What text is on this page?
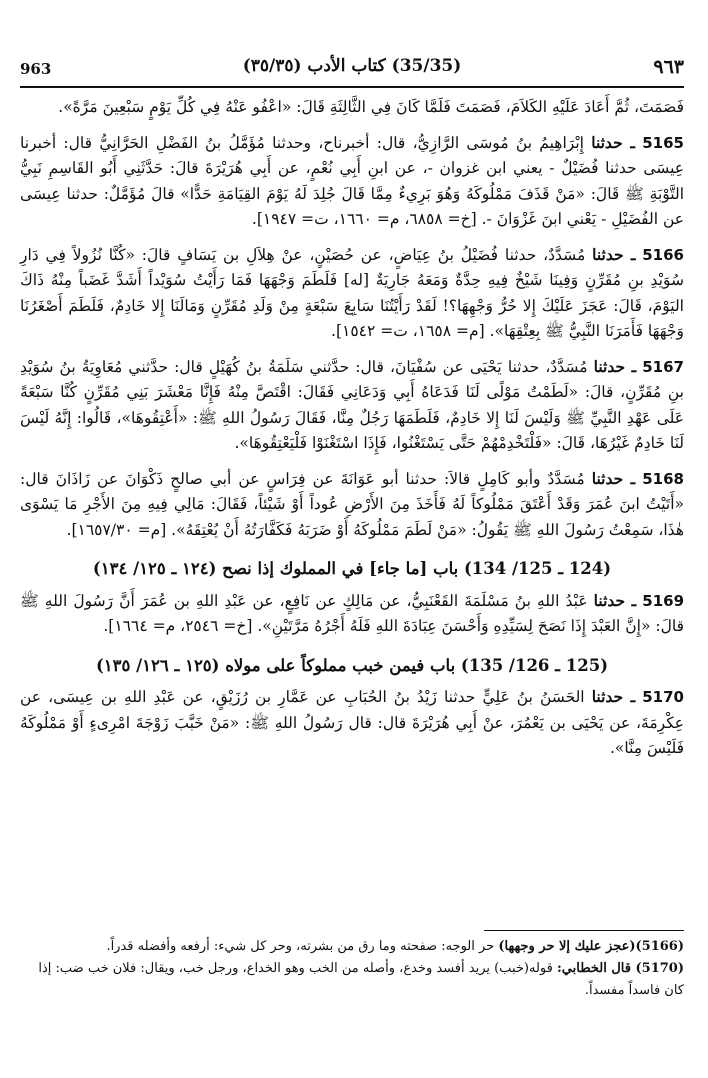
963	(35/35) كتاب الأدب (٣٥/٣٥)	٩٦٣

فَصَمَتَ، ثُمَّ أَعَادَ عَلَيْهِ الكَلاَمَ، فَصَمَتَ فَلَمَّا كَانَ فِي الثَّالِثَةِ قَالَ: «اعْفُو عَنْهُ فِي كُلِّ يَوْمٍ سَبْعِينَ مَرَّةً».

5165 ـ حدثنا إِبْرَاهِيمُ بنُ مُوسَى الرَّازِيُّ، قال: أخبرناح، وحدثنا مُؤَمَّلُ بنُ الفَضْلِ الحَرَّانِيُّ قال: أخبرنا عِيسَى حدثنا فُضَيْلٌ - يعني ابن غزوان -، عن ابنِ أَبِي نُعْمٍ، عن أَبِي هُرَيْرَةَ قالَ: حَدَّثَنِي أَبُو القَاسِمِ نَبِيُّ التَّوْبَةِ ﷺ قَالَ: «مَنْ قَذَفَ مَمْلُوكَهُ وَهُوَ بَرِيءٌ مِمَّا قَالَ جُلِدَ لَهُ يَوْمَ القِيَامَةِ حَدًّا» قالَ مُؤَمَّلٌ: حدثنا عِيسَى عن الفُضَيْلِ - يَعْني ابنَ غَزْوَانَ -. [خ= ٦٨٥٨، م= ١٦٦٠، ت= ١٩٤٧].

5166 ـ حدثنا مُسَدَّدٌ، حدثنا فُضَيْلُ بنُ عِيَاضٍ، عن حُصَيْنٍ، عنْ هِلاَلِ بن يَسَافٍ قالَ: «كُنَّا نُزُولاً فِي دَارِ سُوَيْدِ بنِ مُقَرِّنٍ وَفِينَا شَيْخٌ فِيهِ حِدَّةٌ وَمَعَهُ جَارِيَةٌ [له] فَلَطَمَ وَجْهَهَا فَمَا رَأَيْتُ سُوَيْداً أَشَدَّ غَضَباً مِنْهُ ذَاكَ اليَوْمَ، قَالَ: عَجَزَ عَلَيْكَ إِلا حُرُّ وَجْهِهَا؟! لَقَدْ رَأَيْتُنَا سَابِعَ سَبْعَةٍ مِنْ وَلَدِ مُقَرِّنٍ وَمَالَنَا إِلا خَادِمٌ، فَلَطَمَ أَصْغَرُنَا وَجْهَهَا فَأَمَرَنَا النَّبِيُّ ﷺ بِعِتْقِهَا». [م= ١٦٥٨، ت= ١٥٤٢].

5167 ـ حدثنا مُسَدَّدٌ، حدثنا يَحْيَى عن سُفْيَانَ، قال: حدَّثني سَلَمَةُ بنُ كُهَيْلٍ قال: حدَّثني مُعَاوِيَةُ بنُ سُوَيْدِ بنِ مُقَرِّنٍ، قالَ: «لَطَمْتُ مَوْلًى لَنَا فَدَعَاهُ أَبِي وَدَعَانِي فَقَالَ: اقْتَصَّ مِنْهُ فَإِنَّا مَعْشَرَ بَنِي مُقَرِّنٍ كُنَّا سَبْعَةً عَلَى عَهْدِ النَّبِيِّ ﷺ وَلَيْسَ لَنَا إِلا خَادِمٌ، فَلَطَمَهَا رَجُلٌ مِنَّا، فَقَالَ رَسُولُ اللهِ ﷺ: «أَعْتِقُوهَا»، قَالُوا: إِنَّهُ لَيْسَ لَنَا خَادِمٌ غَيْرُهَا، قَالَ: «فَلْتَخْدِمْهُمْ حَتَّى يَسْتَغْنُوا، فَإِذَا اسْتَغْنَوْا فَلْيَعْتِقُوهَا».

5168 ـ حدثنا مُسَدَّدٌ وأبو كَامِلٍ قالاَ: حدثنا أبو عَوَانَةَ عن فِرَاسٍ عن أبي صالحٍ ذَكْوَانَ عن زَاذَانَ قال: «أَتَيْتُ ابنَ عُمَرَ وَقَدْ أَعْتَقَ مَمْلُوكاً لَهُ فَأَخَذَ مِنَ الأَرْضِ عُوداً أَوْ شَيْئاً، فَقَالَ: مَالِي فِيهِ مِنَ الأَجْرِ مَا يَسْوَى هٰذَا، سَمِعْتُ رَسُولَ اللهِ ﷺ يَقُولُ: «مَنْ لَطَمَ مَمْلُوكَهُ أَوْ ضَرَبَهُ فَكَفَّارَتُهُ أَنْ يُعْتِقَهُ». [م= ١٦٥٧/٣٠].

(124 ـ 125/ 134) باب [ما جاء] في المملوك إذا نصح (١٢٤ ـ ١٢٥/ ١٣٤)

5169 ـ حدثنا عَبْدُ اللهِ بنُ مَسْلَمَةَ القَعْنَبِيُّ، عن مَالِكٍ عن نَافِعٍ، عن عَبْدِ اللهِ بن عُمَرَ أَنَّ رَسُولَ اللهِ ﷺ قالَ: «إِنَّ العَبْدَ إِذَا نَصَحَ لِسَيِّدِهِ وَأَحْسَنَ عِبَادَةَ اللهِ فَلَهُ أَجْرُهُ مَرَّتَيْنِ». [خ= ٢٥٤٦، م= ١٦٦٤].

(125 ـ 126/ 135) باب فيمن خبب مملوكاً على مولاه (١٢٥ ـ ١٢٦/ ١٣٥)

5170 ـ حدثنا الحَسَنُ بنُ عَلِيٍّ حدثنا زَيْدُ بنُ الحُبَابِ عن عَمَّارِ بن رُزَيْقٍ، عن عَبْدِ اللهِ بن عِيسَى، عن عِكْرِمَةَ، عن يَحْيَى بن يَعْمُرَ، عنْ أَبِي هُرَيْرَةَ قال: قال رَسُولُ اللهِ ﷺ: «مَنْ خَبَّبَ زَوْجَةَ امْرِىءٍ أَوْ مَمْلُوكَهُ فَلَيْسَ مِنَّا».

(5166)(عجز عليك إلا حر وجهها) حر الوجه: صفحته وما رق من بشرته، وحر كل شيء: أرفعه وأفضله قدراً.

(5170) قال الخطابي: قوله(خبب) يريد أفسد وخدع، وأصله من الخب وهو الخداع، ورجل خب، ويقال: فلان خب ضب: إذا كان فاسداً مفسداً.
